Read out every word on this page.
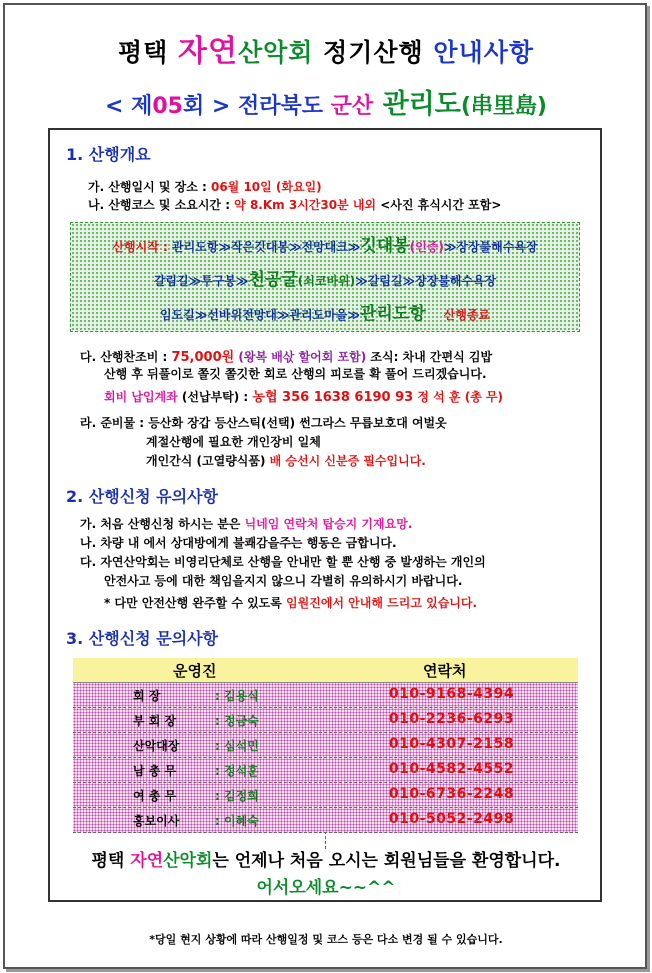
평택 자연산악회 정기산행 안내사항
< 제05회 > 전라북도 군산 관리도(串里島)
1. 산행개요
가. 산행일시 및 장소 : 06월 10일 (화요일)
나. 산행코스 및 소요시간 : 약 8.Km 3시간30분 내외 <사진 휴식시간 포함>
산행시작 : 관리도항≫작은깃대봉≫전망대크≫깃대봉(인증)≫장장불해수욕장
갈림길≫투구봉≫천공굴(쇠코바위)≫갈림길≫장장불해수욕장
임도길≫선바위전망대≫관리도마을≫관리도항 산행종료
다. 산행찬조비 : 75,000원 (왕복 배삯 할어회 포함) 조식: 차내 간편식 김밥
산행 후 뒤풀이로 쫄깃 쫄깃한 회로 산행의 피로를 확 풀어 드리겠습니다.
회비 납입계좌 (선납부탁) : 농협 356 1638 6190 93 정 석 훈 (총 무)
라. 준비물 : 등산화 장갑 등산스틱(선택) 썬그라스 무릅보호대 여벌옷
계절산행에 필요한 개인장비 일체
개인간식 (고열량식품) 배 승선시 신분증 필수입니다.
2. 산행신청 유의사항
가. 처음 산행신청 하시는 분은 닉네임 연락처 탑승지 기재요망.
나. 차량 내 에서 상대방에게 불쾌감을주는 행동은 금합니다.
다. 자연산악회는 비영리단체로 산행을 안내만 할 뿐 산행 중 발생하는 개인의
안전사고 등에 대한 책임을지지 않으니 각별히 유의하시기 바랍니다.
* 다만 안전산행 완주할 수 있도록 임원진에서 안내해 드리고 있습니다.
3. 산행신청 문의사항
운영진	연락처
회 장	: 김용식	010-9168-4394
부 회 장	: 정금숙	010-2236-6293
산악대장	: 심석민	010-4307-2158
남 총 무	: 정석훈	010-4582-4552
여 총 무	: 김정희	010-6736-2248
홍보이사	: 이혜숙	010-5052-2498
평택 자연산악회는 언제나 처음 오시는 회원님들을 환영합니다.
어서오세요~~^^
*당일 현지 상황에 따라 산행일정 및 코스 등은 다소 변경 될 수 있습니다.
